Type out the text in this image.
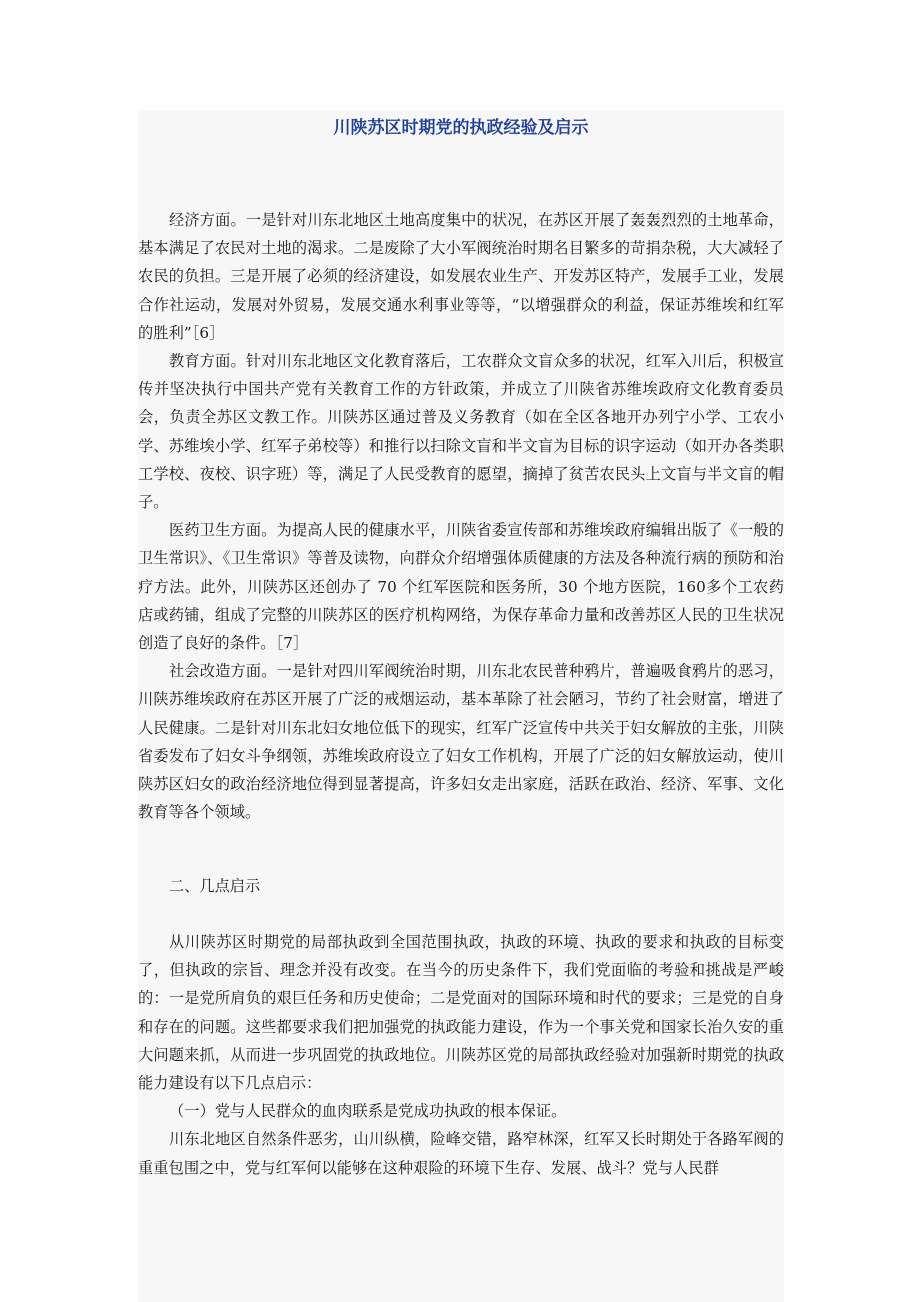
川陕苏区时期党的执政经验及启示

经济方面。一是针对川东北地区土地高度集中的状况，在苏区开展了轰轰烈烈的土地革命，基本满足了农民对土地的渴求。二是废除了大小军阀统治时期名目繁多的苛捐杂税，大大减轻了农民的负担。三是开展了必须的经济建设，如发展农业生产、开发苏区特产，发展手工业，发展合作社运动，发展对外贸易，发展交通水利事业等等，“以增强群众的利益，保证苏维埃和红军的胜利”［6］

教育方面。针对川东北地区文化教育落后，工农群众文盲众多的状况，红军入川后，积极宣传并坚决执行中国共产党有关教育工作的方针政策，并成立了川陕省苏维埃政府文化教育委员会，负责全苏区文教工作。川陕苏区通过普及义务教育（如在全区各地开办列宁小学、工农小学、苏维埃小学、红军子弟校等）和推行以扫除文盲和半文盲为目标的识字运动（如开办各类职工学校、夜校、识字班）等，满足了人民受教育的愿望，摘掉了贫苦农民头上文盲与半文盲的帽子。

医药卫生方面。为提高人民的健康水平，川陕省委宣传部和苏维埃政府编辑出版了《一般的卫生常识》、《卫生常识》等普及读物，向群众介绍增强体质健康的方法及各种流行病的预防和治疗方法。此外，川陕苏区还创办了 70 个红军医院和医务所，30 个地方医院，160多个工农药店或药铺，组成了完整的川陕苏区的医疗机构网络，为保存革命力量和改善苏区人民的卫生状况创造了良好的条件。［7］

社会改造方面。一是针对四川军阀统治时期，川东北农民普种鸦片，普遍吸食鸦片的恶习，川陕苏维埃政府在苏区开展了广泛的戒烟运动，基本革除了社会陋习，节约了社会财富，增进了人民健康。二是针对川东北妇女地位低下的现实，红军广泛宣传中共关于妇女解放的主张，川陕省委发布了妇女斗争纲领，苏维埃政府设立了妇女工作机构，开展了广泛的妇女解放运动，使川陕苏区妇女的政治经济地位得到显著提高，许多妇女走出家庭，活跃在政治、经济、军事、文化教育等各个领域。

二、几点启示

从川陕苏区时期党的局部执政到全国范围执政，执政的环境、执政的要求和执政的目标变了，但执政的宗旨、理念并没有改变。在当今的历史条件下，我们党面临的考验和挑战是严峻的：一是党所肩负的艰巨任务和历史使命；二是党面对的国际环境和时代的要求；三是党的自身和存在的问题。这些都要求我们把加强党的执政能力建设，作为一个事关党和国家长治久安的重大问题来抓，从而进一步巩固党的执政地位。川陕苏区党的局部执政经验对加强新时期党的执政能力建设有以下几点启示：

（一）党与人民群众的血肉联系是党成功执政的根本保证。

川东北地区自然条件恶劣，山川纵横，险峰交错，路窄林深，红军又长时期处于各路军阀的重重包围之中，党与红军何以能够在这种艰险的环境下生存、发展、战斗？党与人民群
